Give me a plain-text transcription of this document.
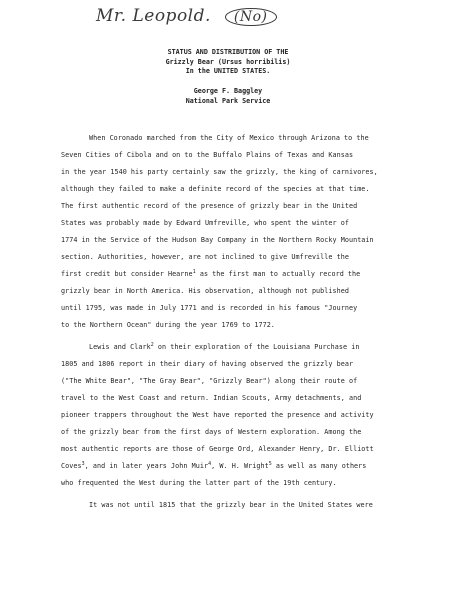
Mr. Leopold. (No)
STATUS AND DISTRIBUTION OF THE
Grizzly Bear (Ursus horribilis)
In the UNITED STATES.
George F. Baggley
National Park Service
When Coronado marched from the City of Mexico through Arizona to the
Seven Cities of Cibola and on to the Buffalo Plains of Texas and Kansas
in the year 1540 his party certainly saw the grizzly, the king of carnivores,
although they failed to make a definite record of the species at that time.
The first authentic record of the presence of grizzly bear in the United
States was probably made by Edward Umfreville, who spent the winter of
1774 in the Service of the Hudson Bay Company in the Northern Rocky Mountain
section. Authorities, however, are not inclined to give Umfreville the
first credit but consider Hearne$^1$ as the first man to actually record the
grizzly bear in North America. His observation, although not published
until 1795, was made in July 1771 and is recorded in his famous "Journey
to the Northern Ocean" during the year 1769 to 1772.
Lewis and Clark$^2$ on their exploration of the Louisiana Purchase in
1805 and 1806 report in their diary of having observed the grizzly bear
("The White Bear", "The Gray Bear", "Grizzly Bear") along their route of
travel to the West Coast and return. Indian Scouts, Army detachments, and
pioneer trappers throughout the West have reported the presence and activity
of the grizzly bear from the first days of Western exploration. Among the
most authentic reports are those of George Ord, Alexander Henry, Dr. Elliott
Coves$^3$, and in later years John Muir$^4$, W. H. Wright$^5$ as well as many others
who frequented the West during the latter part of the 19th century.
It was not until 1815 that the grizzly bear in the United States were
